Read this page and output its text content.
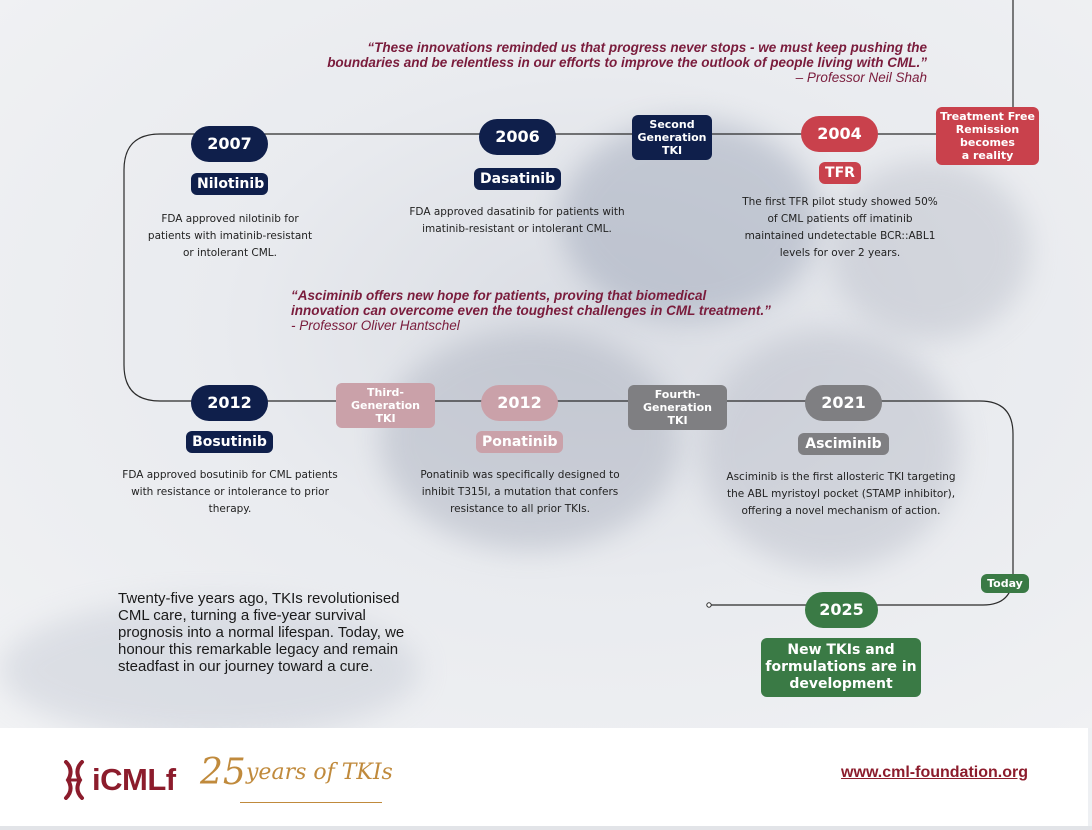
“These innovations reminded us that progress never stops - we must keep pushing the
boundaries and be relentless in our efforts to improve the outlook of people living with CML.”
– Professor Neil Shah
“Asciminib offers new hope for patients, proving that biomedical
innovation can overcome even the toughest challenges in CML treatment.”
- Professor Oliver Hantschel
2007
Nilotinib
FDA approved nilotinib for
patients with imatinib-resistant
or intolerant CML.
2006
Dasatinib
FDA approved dasatinib for patients with
imatinib-resistant or intolerant CML.
Second
Generation
TKI
2004
TFR
The first TFR pilot study showed 50%
of CML patients off imatinib
maintained undetectable BCR::ABL1
levels for over 2 years.
Treatment Free
Remission
becomes
a reality
2012
Bosutinib
FDA approved bosutinib for CML patients
with resistance or intolerance to prior
therapy.
Third-
Generation TKI
2012
Ponatinib
Ponatinib was specifically designed to
inhibit T315I, a mutation that confers
resistance to all prior TKIs.
Fourth-
Generation TKI
2021
Asciminib
Asciminib is the first allosteric TKI targeting
the ABL myristoyl pocket (STAMP inhibitor),
offering a novel mechanism of action.
Today
2025
New TKIs and
formulations are in
development
Twenty-five years ago, TKIs revolutionised
CML care, turning a five-year survival
prognosis into a normal lifespan. Today, we
honour this remarkable legacy and remain
steadfast in our journey toward a cure.
iCMLf 25 years of TKIs	www.cml-foundation.org
